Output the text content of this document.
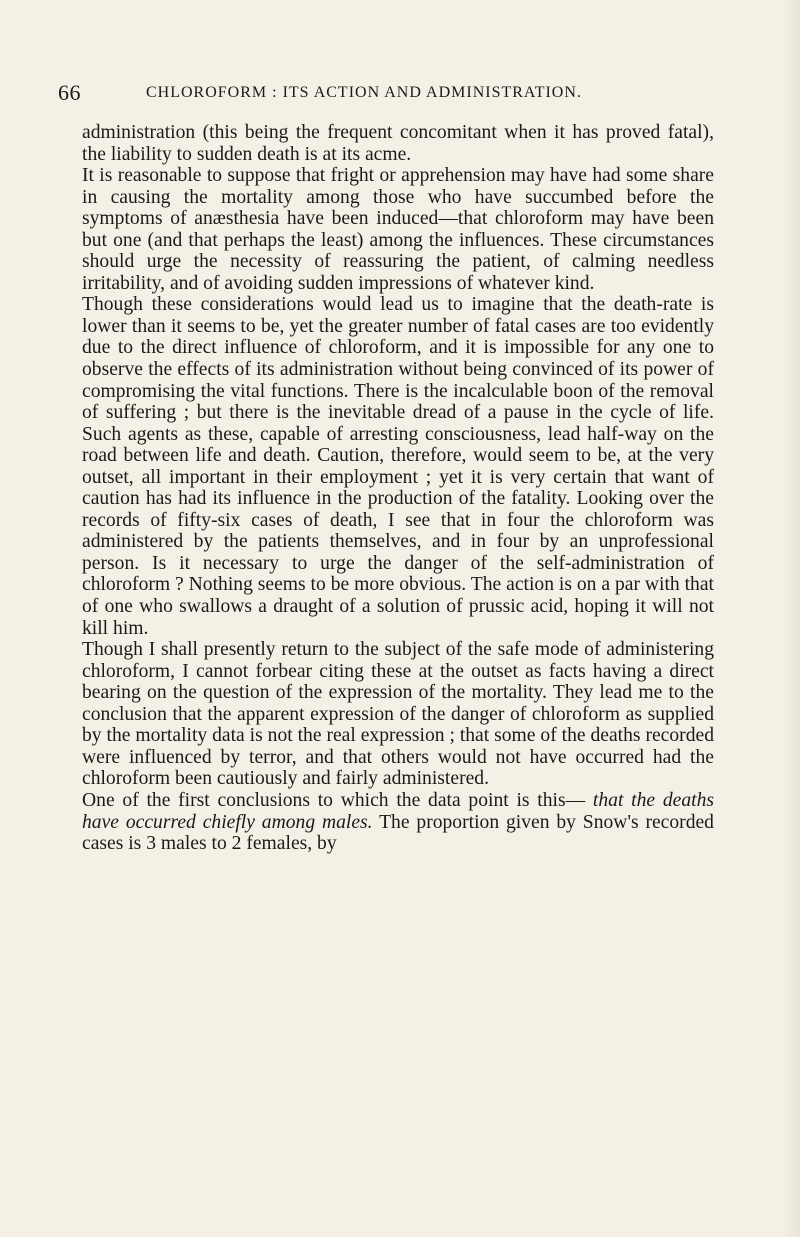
66	CHLOROFORM : ITS ACTION AND ADMINISTRATION.

administration (this being the frequent concomitant when it has proved fatal), the liability to sudden death is at its acme.

It is reasonable to suppose that fright or apprehension may have had some share in causing the mortality among those who have succumbed before the symptoms of anæsthesia have been induced—that chloroform may have been but one (and that perhaps the least) among the influences. These circumstances should urge the necessity of reassuring the patient, of calming needless irritability, and of avoiding sudden impressions of whatever kind.

Though these considerations would lead us to imagine that the death-rate is lower than it seems to be, yet the greater number of fatal cases are too evidently due to the direct influence of chloroform, and it is impossible for any one to observe the effects of its administration without being convinced of its power of compromising the vital functions. There is the incalculable boon of the removal of suffering ; but there is the inevitable dread of a pause in the cycle of life. Such agents as these, capable of arresting consciousness, lead half-way on the road between life and death. Caution, therefore, would seem to be, at the very outset, all important in their employment ; yet it is very certain that want of caution has had its influence in the production of the fatality. Looking over the records of fifty-six cases of death, I see that in four the chloroform was administered by the patients themselves, and in four by an unprofessional person. Is it necessary to urge the danger of the self-administration of chloroform ? Nothing seems to be more obvious. The action is on a par with that of one who swallows a draught of a solution of prussic acid, hoping it will not kill him.

Though I shall presently return to the subject of the safe mode of administering chloroform, I cannot forbear citing these at the outset as facts having a direct bearing on the question of the expression of the mortality. They lead me to the conclusion that the apparent expression of the danger of chloroform as supplied by the mortality data is not the real expression ; that some of the deaths recorded were influenced by terror, and that others would not have occurred had the chloroform been cautiously and fairly administered.

One of the first conclusions to which the data point is this— that the deaths have occurred chiefly among males. The proportion given by Snow's recorded cases is 3 males to 2 females, by
